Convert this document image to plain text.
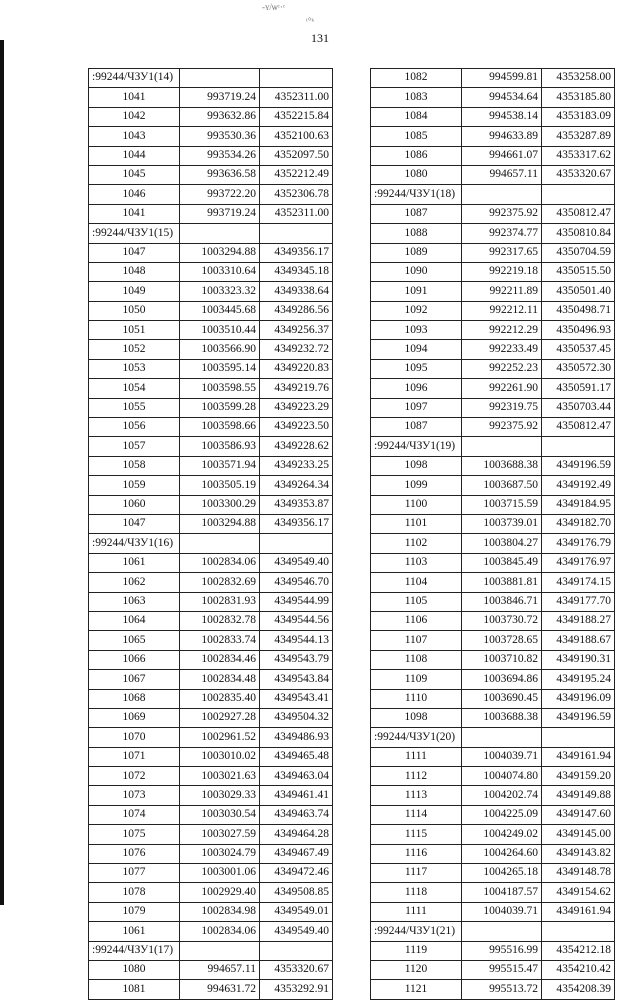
-ʏ/ѡᶜ·ᶜ
ᵗ°ᵏ
131
:99244/ЧЗУ1(14)		
1041	993719.24	4352311.00
1042	993632.86	4352215.84
1043	993530.36	4352100.63
1044	993534.26	4352097.50
1045	993636.58	4352212.49
1046	993722.20	4352306.78
1041	993719.24	4352311.00
:99244/ЧЗУ1(15)		
1047	1003294.88	4349356.17
1048	1003310.64	4349345.18
1049	1003323.32	4349338.64
1050	1003445.68	4349286.56
1051	1003510.44	4349256.37
1052	1003566.90	4349232.72
1053	1003595.14	4349220.83
1054	1003598.55	4349219.76
1055	1003599.28	4349223.29
1056	1003598.66	4349223.50
1057	1003586.93	4349228.62
1058	1003571.94	4349233.25
1059	1003505.19	4349264.34
1060	1003300.29	4349353.87
1047	1003294.88	4349356.17
:99244/ЧЗУ1(16)		
1061	1002834.06	4349549.40
1062	1002832.69	4349546.70
1063	1002831.93	4349544.99
1064	1002832.78	4349544.56
1065	1002833.74	4349544.13
1066	1002834.46	4349543.79
1067	1002834.48	4349543.84
1068	1002835.40	4349543.41
1069	1002927.28	4349504.32
1070	1002961.52	4349486.93
1071	1003010.02	4349465.48
1072	1003021.63	4349463.04
1073	1003029.33	4349461.41
1074	1003030.54	4349463.74
1075	1003027.59	4349464.28
1076	1003024.79	4349467.49
1077	1003001.06	4349472.46
1078	1002929.40	4349508.85
1079	1002834.98	4349549.01
1061	1002834.06	4349549.40
:99244/ЧЗУ1(17)		
1080	994657.11	4353320.67
1081	994631.72	4353292.91
1082	994599.81	4353258.00
1083	994534.64	4353185.80
1084	994538.14	4353183.09
1085	994633.89	4353287.89
1086	994661.07	4353317.62
1080	994657.11	4353320.67
:99244/ЧЗУ1(18)		
1087	992375.92	4350812.47
1088	992374.77	4350810.84
1089	992317.65	4350704.59
1090	992219.18	4350515.50
1091	992211.89	4350501.40
1092	992212.11	4350498.71
1093	992212.29	4350496.93
1094	992233.49	4350537.45
1095	992252.23	4350572.30
1096	992261.90	4350591.17
1097	992319.75	4350703.44
1087	992375.92	4350812.47
:99244/ЧЗУ1(19)		
1098	1003688.38	4349196.59
1099	1003687.50	4349192.49
1100	1003715.59	4349184.95
1101	1003739.01	4349182.70
1102	1003804.27	4349176.79
1103	1003845.49	4349176.97
1104	1003881.81	4349174.15
1105	1003846.71	4349177.70
1106	1003730.72	4349188.27
1107	1003728.65	4349188.67
1108	1003710.82	4349190.31
1109	1003694.86	4349195.24
1110	1003690.45	4349196.09
1098	1003688.38	4349196.59
:99244/ЧЗУ1(20)		
1111	1004039.71	4349161.94
1112	1004074.80	4349159.20
1113	1004202.74	4349149.88
1114	1004225.09	4349147.60
1115	1004249.02	4349145.00
1116	1004264.60	4349143.82
1117	1004265.18	4349148.78
1118	1004187.57	4349154.62
1111	1004039.71	4349161.94
:99244/ЧЗУ1(21)		
1119	995516.99	4354212.18
1120	995515.47	4354210.42
1121	995513.72	4354208.39
